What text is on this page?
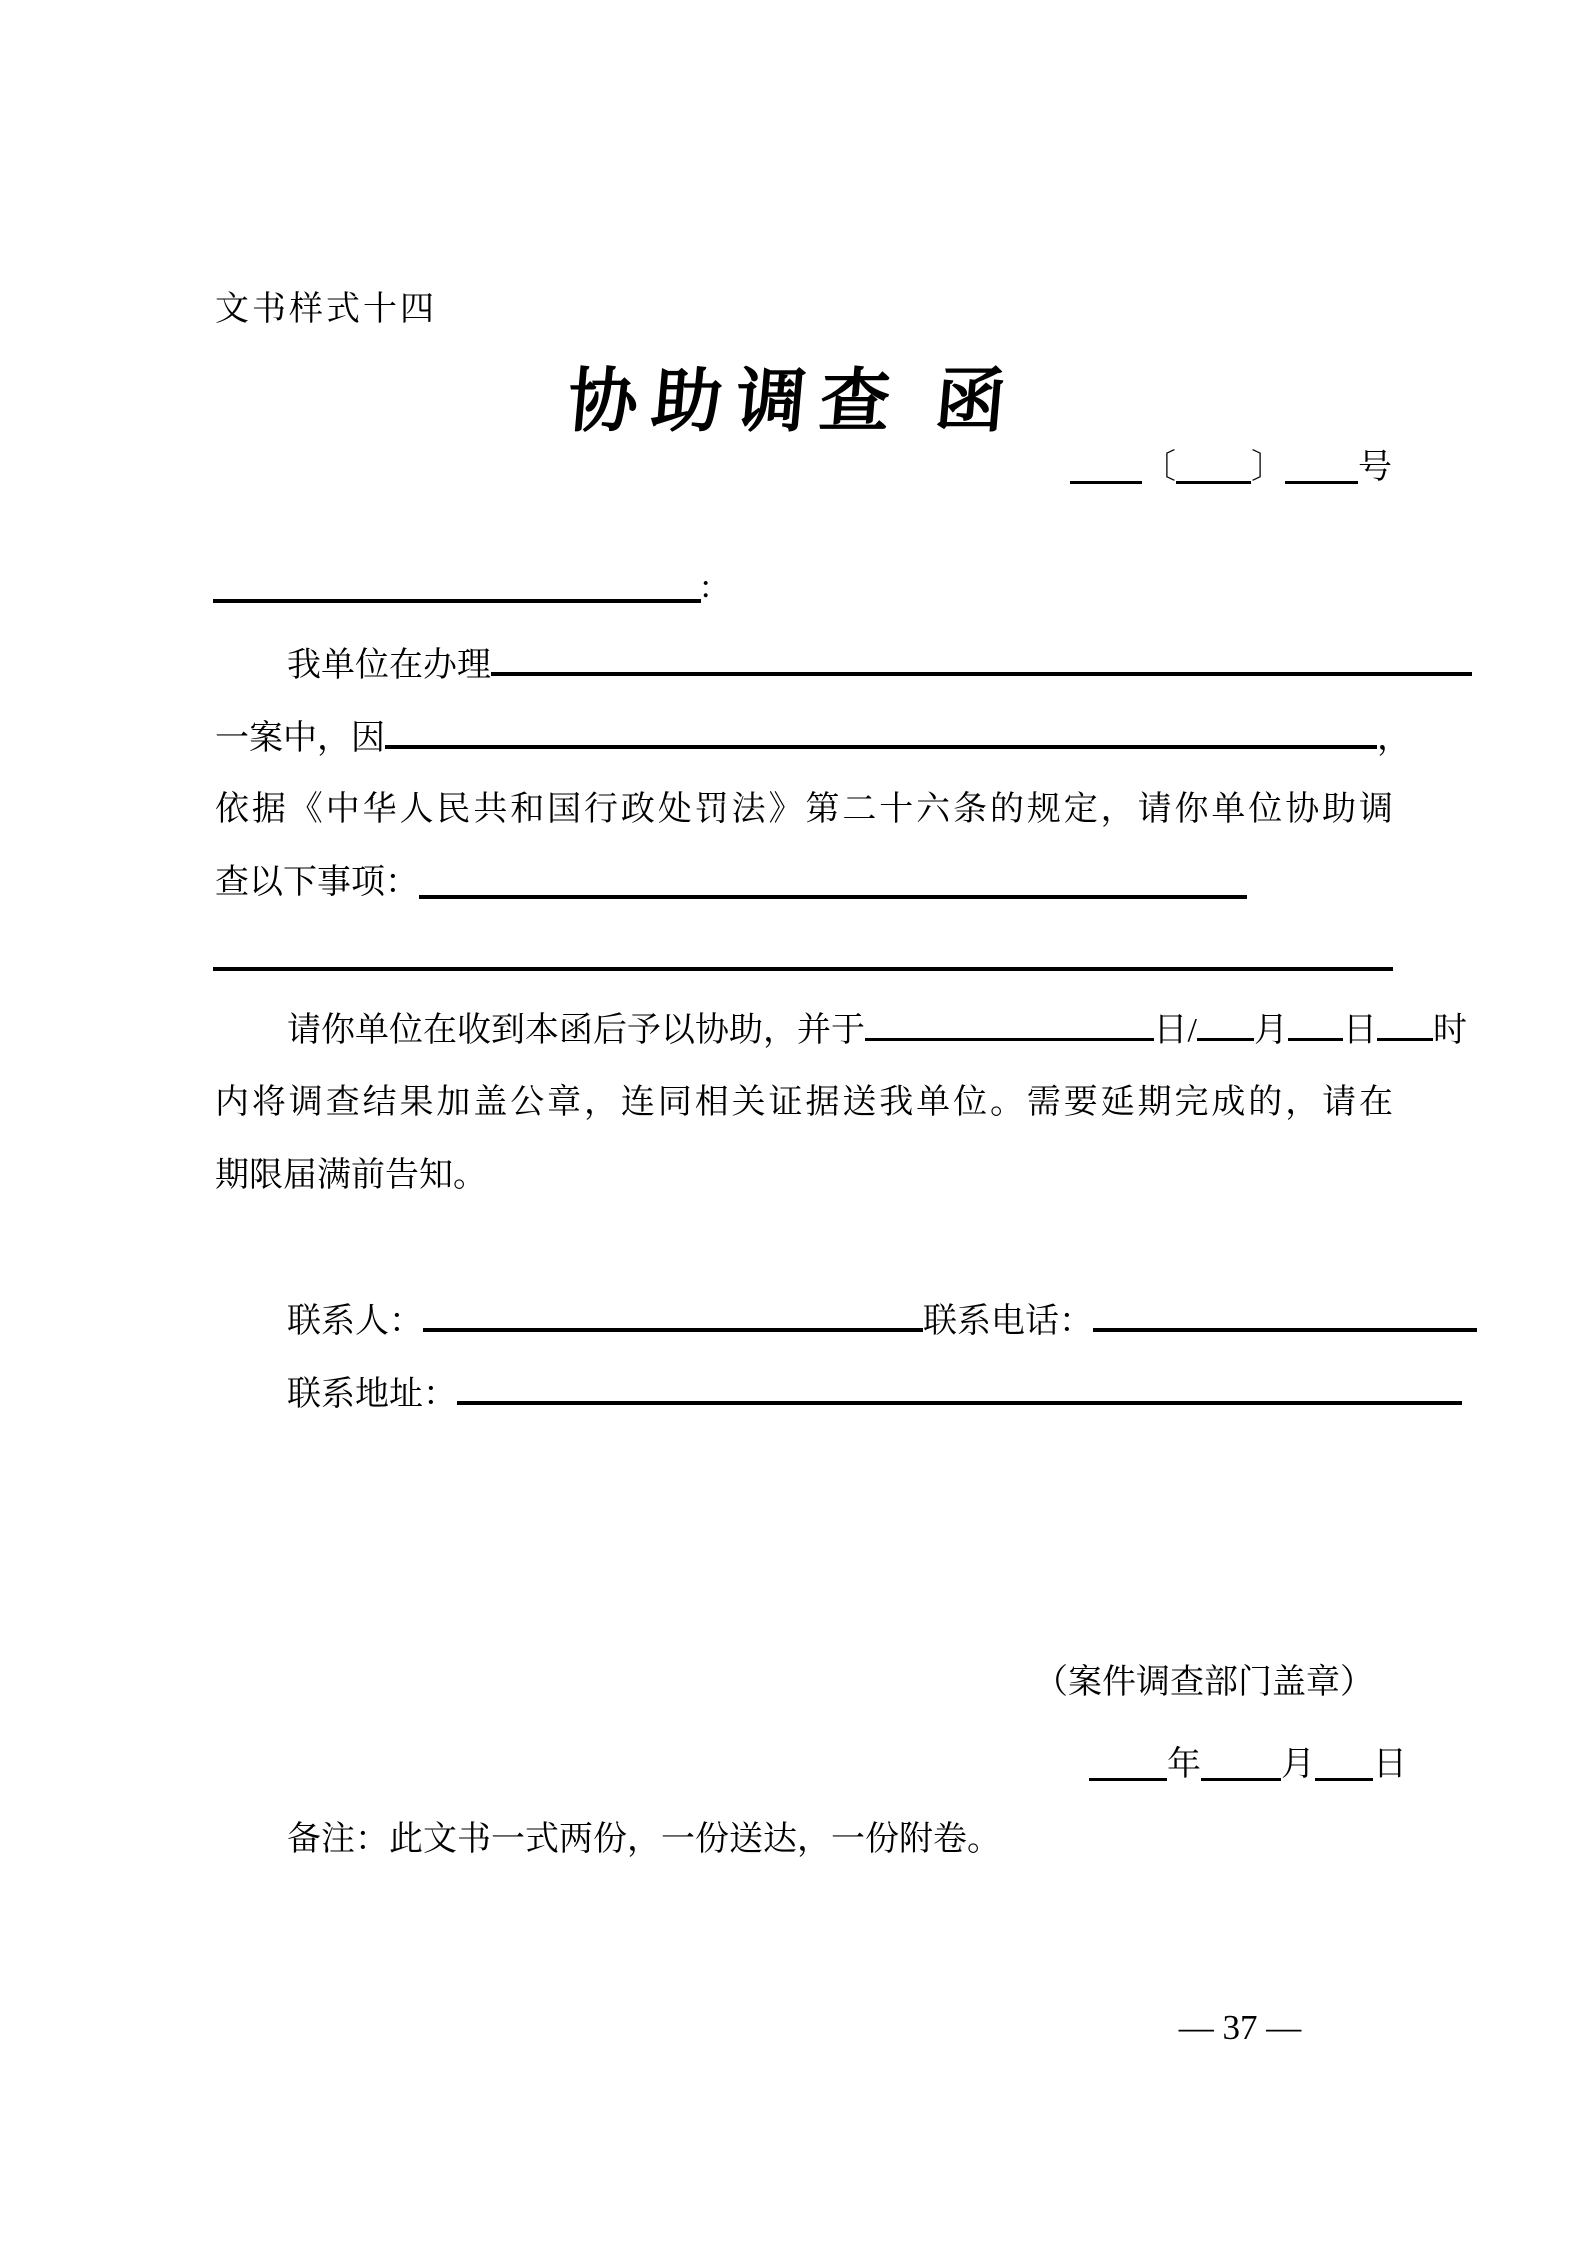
文书样式十四
协助调查 函
〔 〕 号
:
我单位在办理
一案中，因	，
依据《中华人民共和国行政处罚法》第二十六条的规定，请你单位协助调
查以下事项：
请你单位在收到本函后予以协助，并于	日/ 月 日 时
内将调查结果加盖公章，连同相关证据送我单位。需要延期完成的，请在
期限届满前告知。
联系人：	联系电话：
联系地址：
（案件调查部门盖章）
年 月 日
备注：此文书一式两份，一份送达，一份附卷。
— 37 —
